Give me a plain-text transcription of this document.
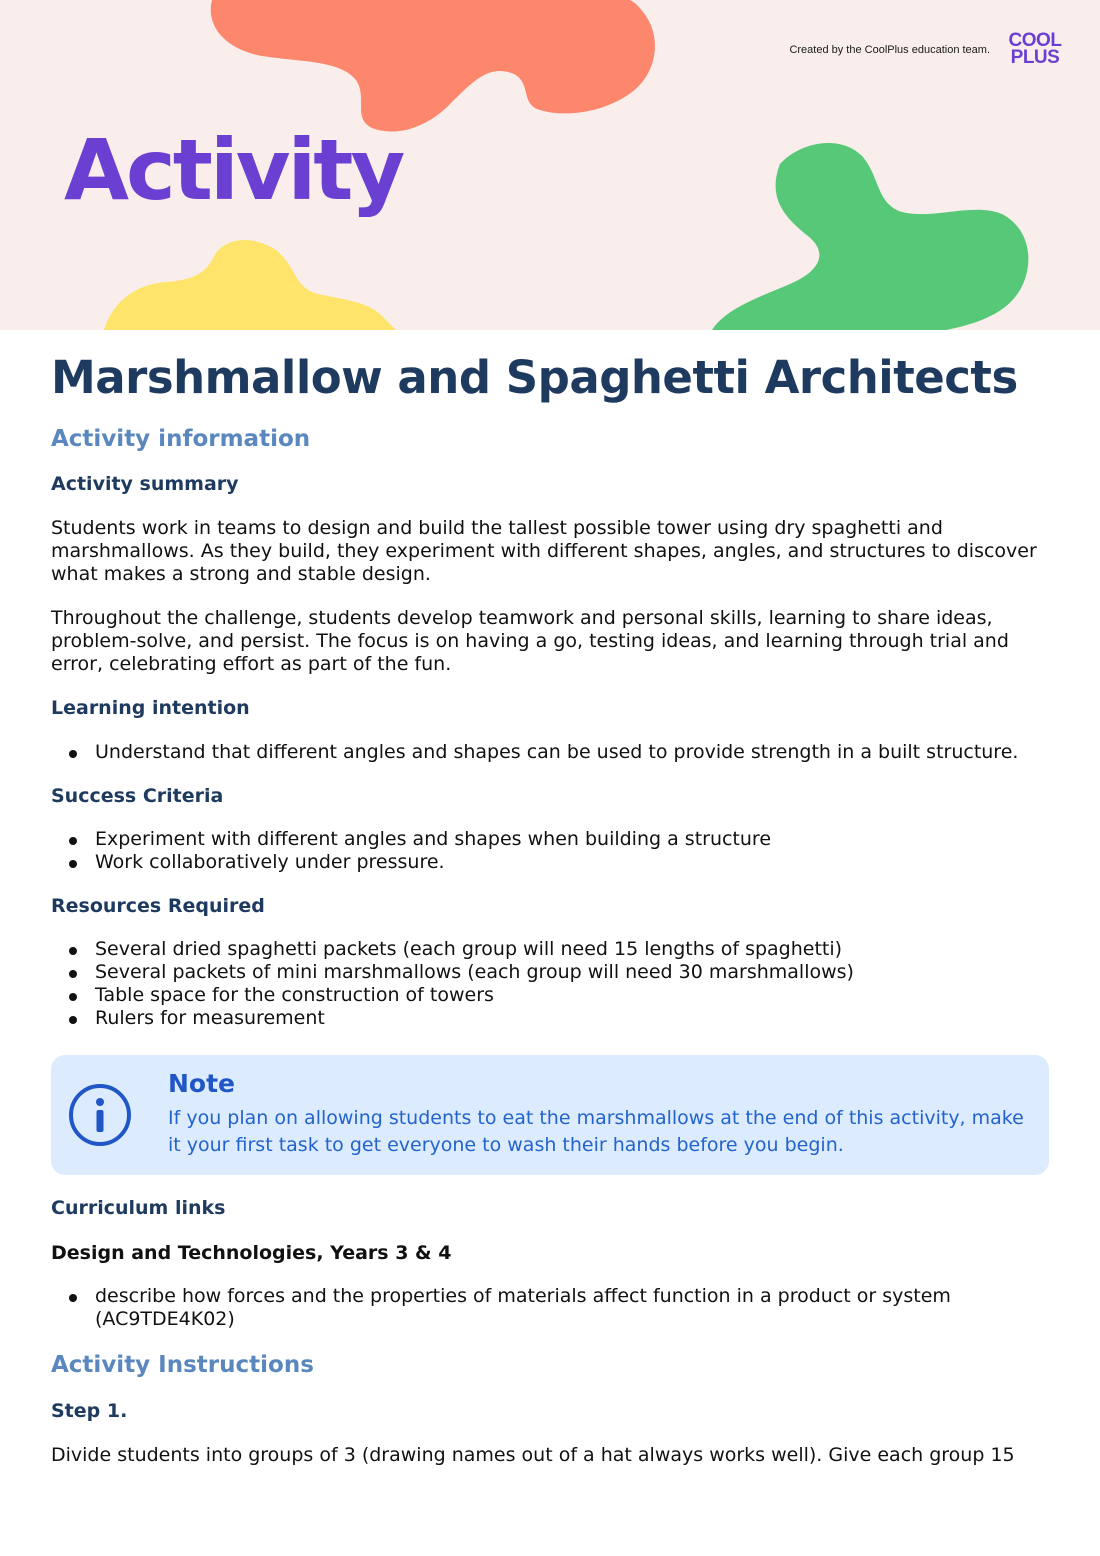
Created by the CoolPlus education team. COOL
PLUS
Activity
Marshmallow and Spaghetti Architects
Activity information
Activity summary

Students work in teams to design and build the tallest possible tower using dry spaghetti and marshmallows. As they build, they experiment with different shapes, angles, and structures to discover what makes a strong and stable design.

Throughout the challenge, students develop teamwork and personal skills, learning to share ideas, problem-solve, and persist. The focus is on having a go, testing ideas, and learning through trial and error, celebrating effort as part of the fun.

Learning intention
Understand that different angles and shapes can be used to provide strength in a built structure.
Success Criteria
Experiment with different angles and shapes when building a structure
Work collaboratively under pressure.
Resources Required
Several dried spaghetti packets (each group will need 15 lengths of spaghetti)
Several packets of mini marshmallows (each group will need 30 marshmallows)
Table space for the construction of towers
Rulers for measurement
Note
If you plan on allowing students to eat the marshmallows at the end of this activity, make it your first task to get everyone to wash their hands before you begin.
Curriculum links
Design and Technologies, Years 3 & 4
describe how forces and the properties of materials affect function in a product or system (AC9TDE4K02)
Activity Instructions
Step 1.

Divide students into groups of 3 (drawing names out of a hat always works well). Give each group 15
